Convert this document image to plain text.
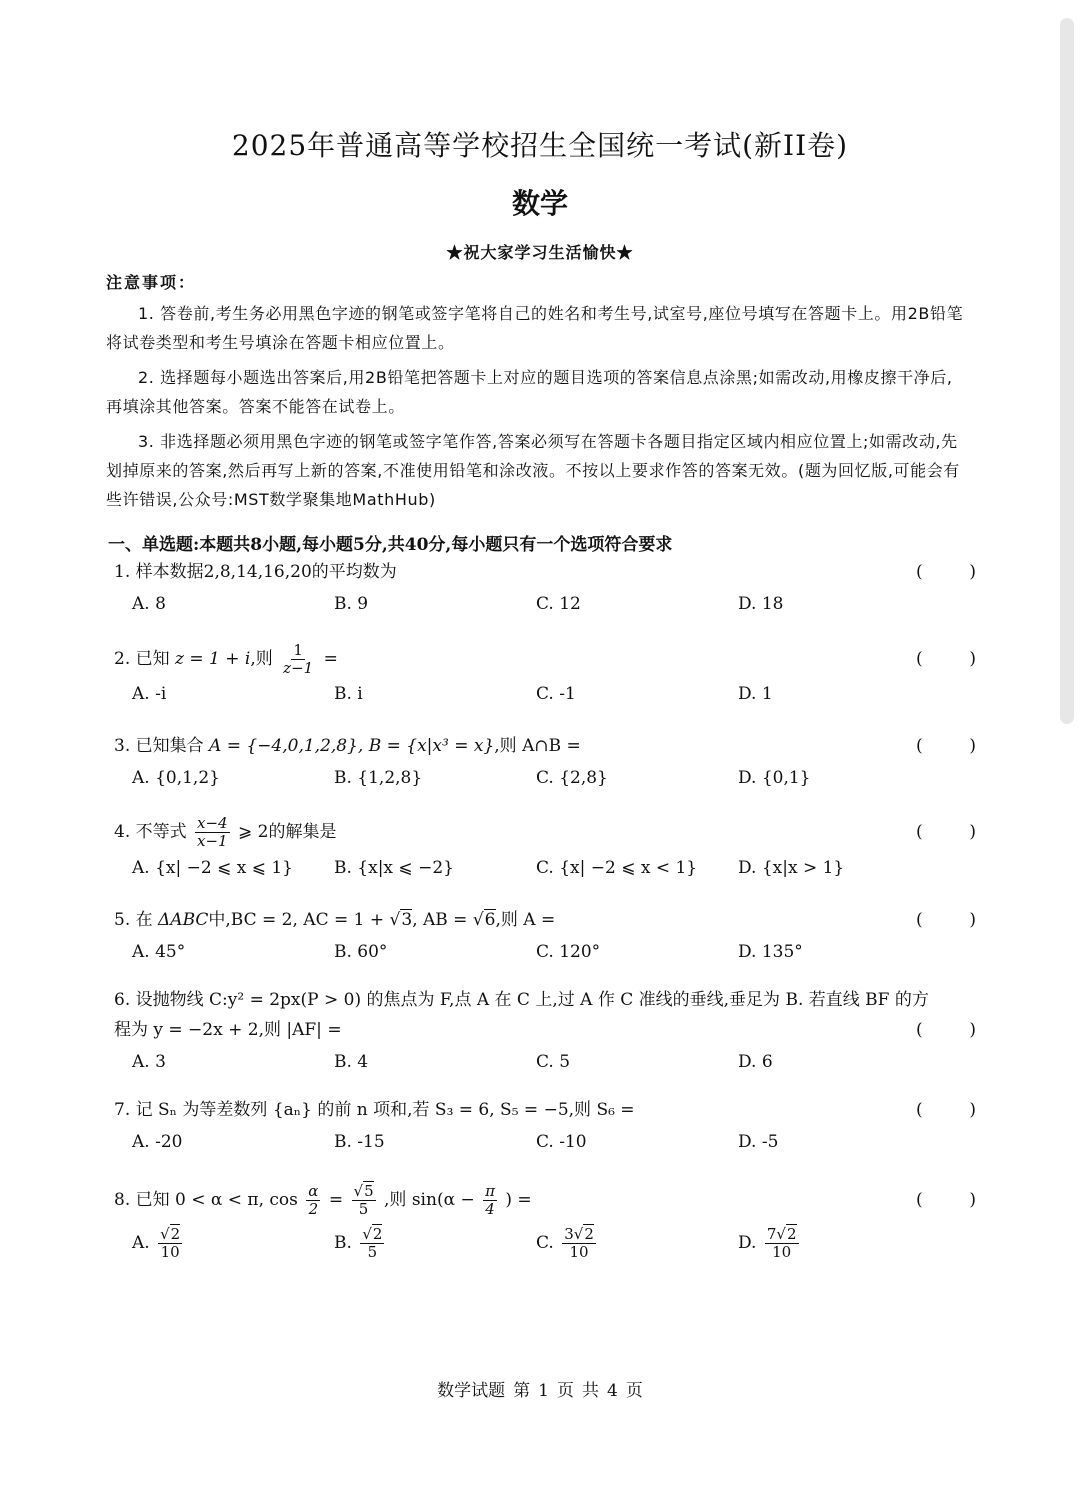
2025年普通高等学校招生全国统一考试(新II卷)
数学
★祝大家学习生活愉快★
注意事项：

1. 答卷前,考生务必用黑色字迹的钢笔或签字笔将自己的姓名和考生号,试室号,座位号填写在答题卡上。用2B铅笔将试卷类型和考生号填涂在答题卡相应位置上。

2. 选择题每小题选出答案后,用2B铅笔把答题卡上对应的题目选项的答案信息点涂黑;如需改动,用橡皮擦干净后,再填涂其他答案。答案不能答在试卷上。

3. 非选择题必须用黑色字迹的钢笔或签字笔作答,答案必须写在答题卡各题目指定区域内相应位置上;如需改动,先划掉原来的答案,然后再写上新的答案,不准使用铅笔和涂改液。不按以上要求作答的答案无效。(题为回忆版,可能会有些许错误,公众号:MST数学聚集地MathHub)

一、单选题:本题共8小题,每小题5分,共40分,每小题只有一个选项符合要求
1. 样本数据2,8,14,16,20的平均数为	(	)
A. 8	B. 9	C. 12	D. 18
2. 已知 z = 1 + i,则 $\frac{1}{z-1}$ =	(	)
A. -i	B. i	C. -1	D. 1
3. 已知集合 A = {−4,0,1,2,8}, B = {x|x³ = x},则 A∩B =	(	)
A. {0,1,2}	B. {1,2,8}	C. {2,8}	D. {0,1}
4. 不等式 $\frac{x-4}{x-1}$ ⩾ 2的解集是	(	)
A. {x| −2 ⩽ x ⩽ 1} B. {x|x ⩽ −2}	C. {x| −2 ⩽ x < 1} D. {x|x > 1}
5. 在 ΔABC中,BC = 2, AC = 1 + √3, AB = √6,则 A =	(	)
A. 45°	B. 60°	C. 120°	D. 135°
6. 设抛物线 C:y² = 2px(P > 0) 的焦点为 F,点 A 在 C 上,过 A 作 C 准线的垂线,垂足为 B. 若直线 BF 的方
程为 y = −2x + 2,则 |AF| =	(	)
A. 3	B. 4	C. 5	D. 6
7. 记 Sₙ 为等差数列 {aₙ} 的前 n 项和,若 S₃ = 6, S₅ = −5,则 S₆ =	(	)
A. -20	B. -15	C. -10	D. -5
8. 已知 0 < α < π, $\cos \frac{\alpha}{2} = \frac{√5}{5}$ ,则 $\sin(\alpha - \frac{\pi}{4}$ ) =	(	)
A. $\frac{√2}{10}$	B. $\frac{√2}{5}$	C. $\frac{3√2}{10}$	D. $\frac{7√2}{10}$
数学试题 第 1 页 共 4 页
